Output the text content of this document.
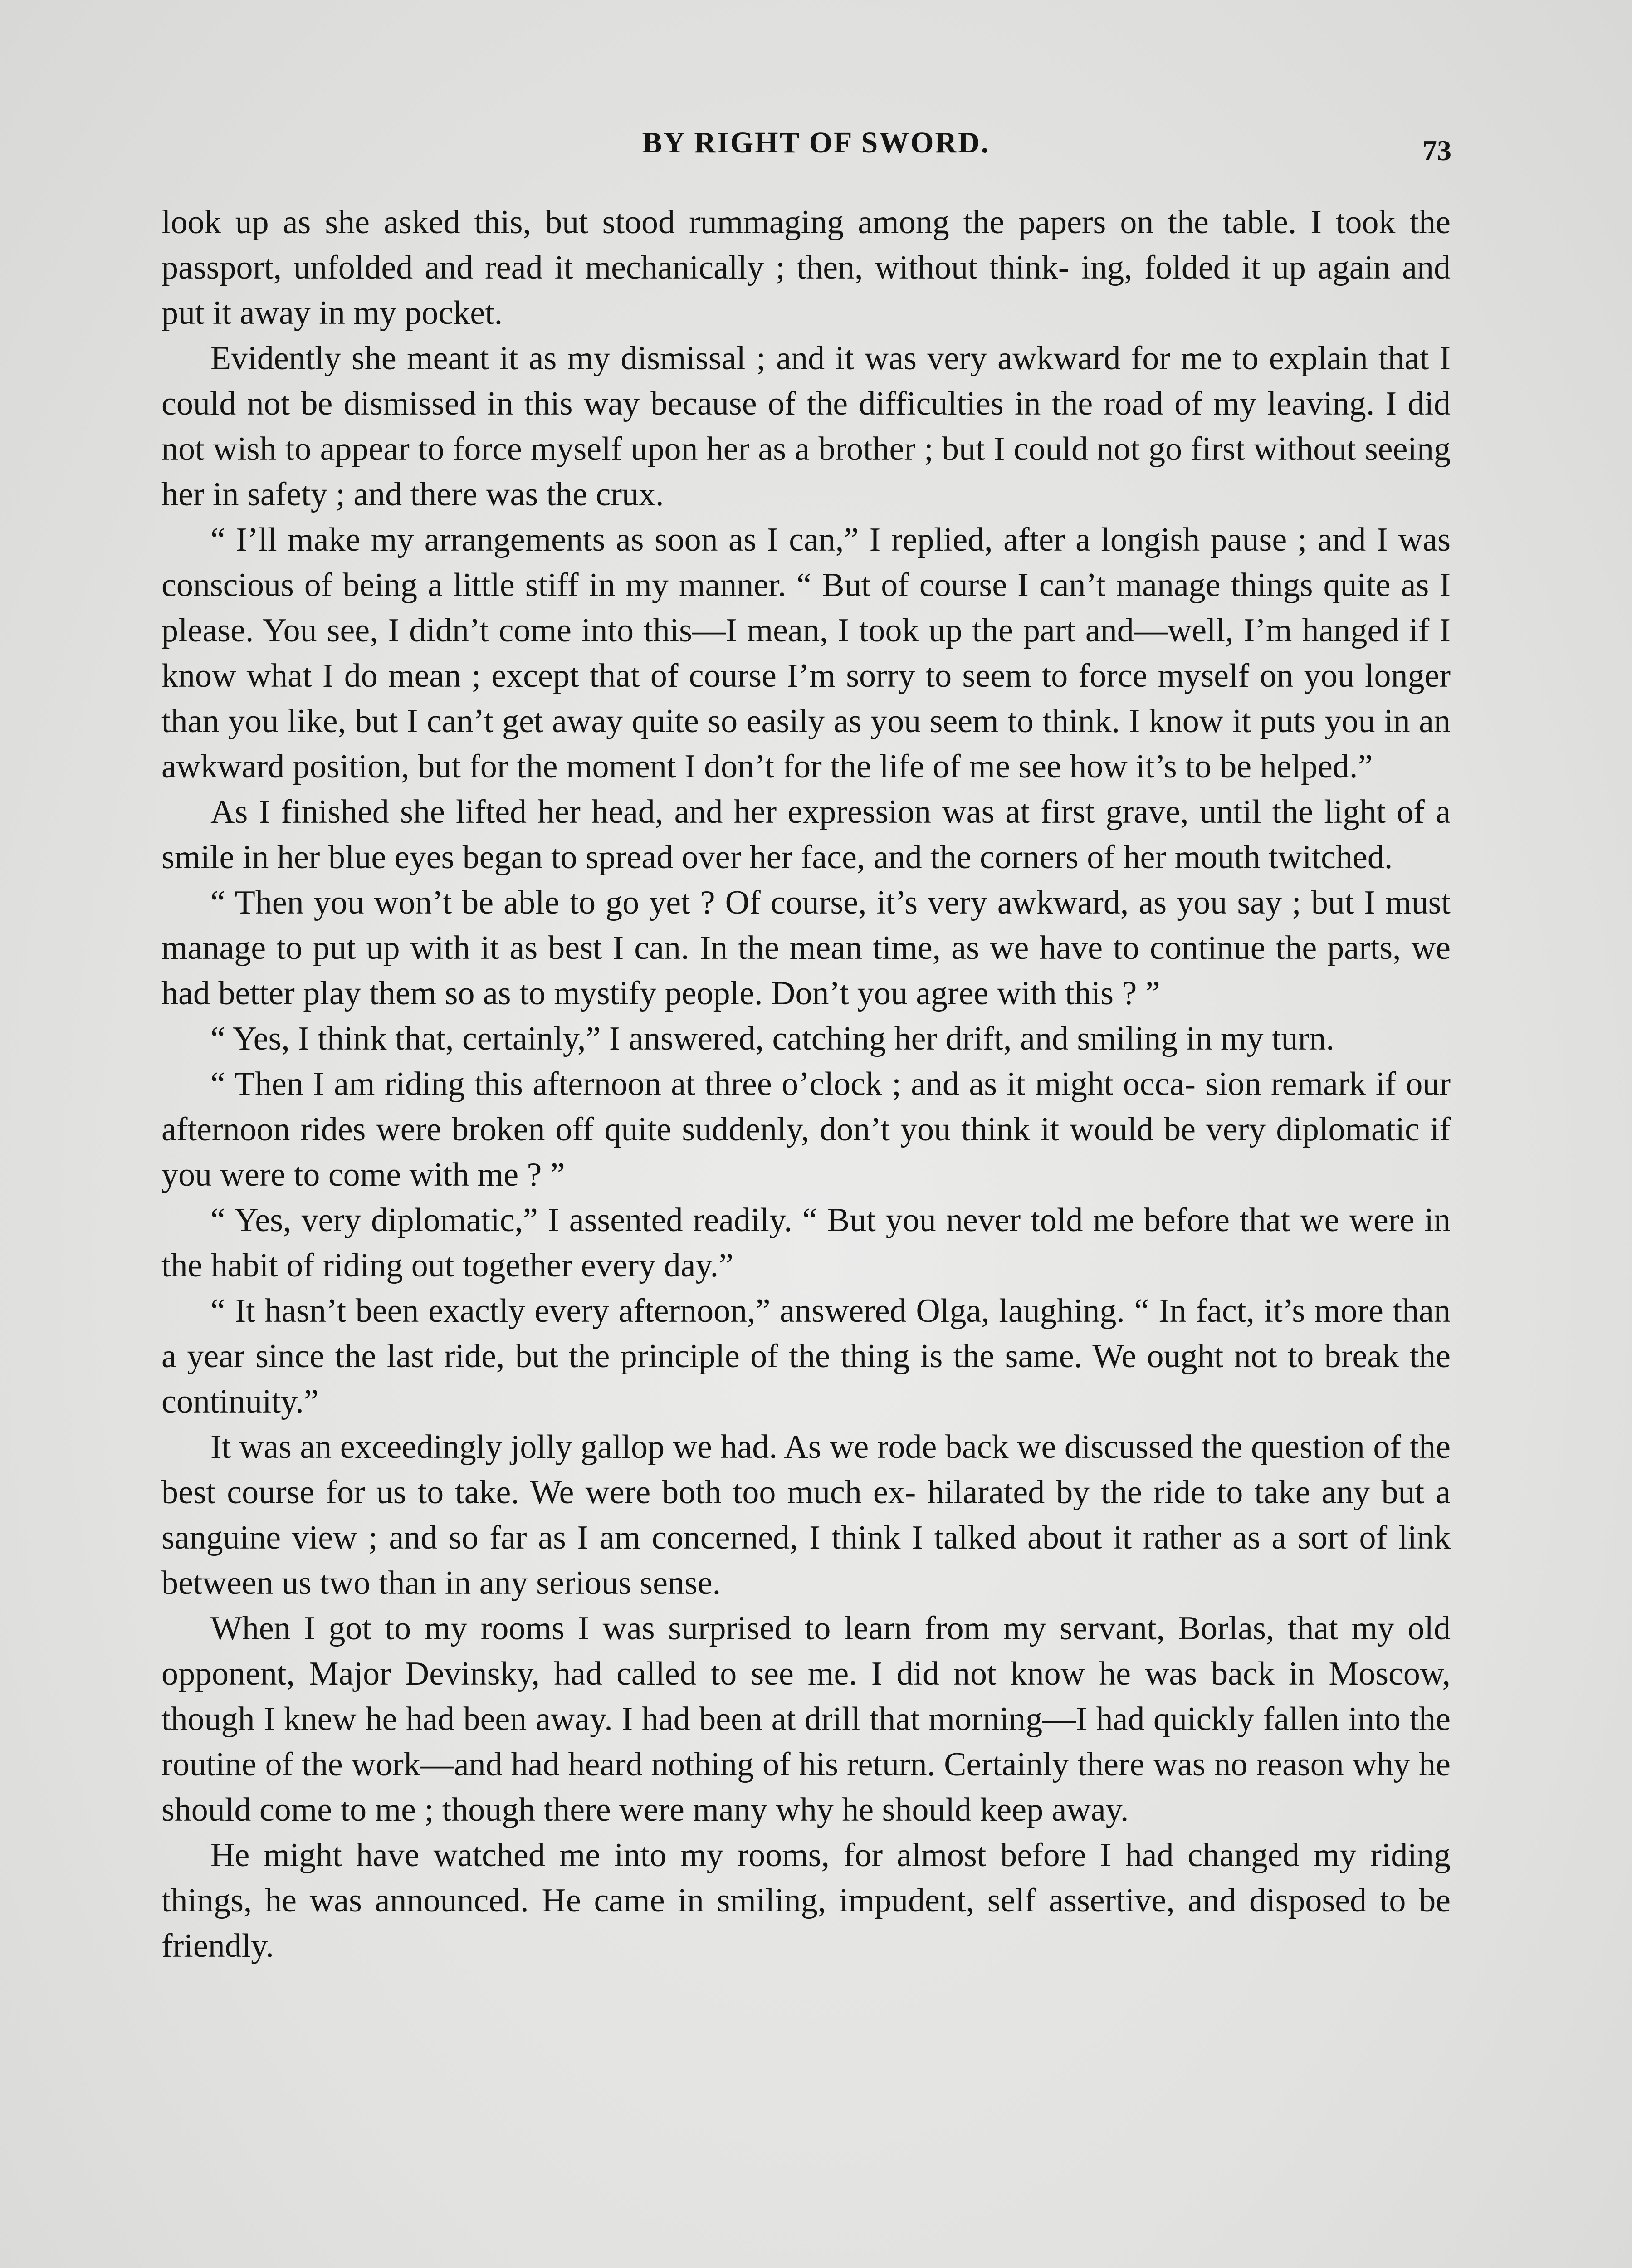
BY RIGHT OF SWORD.	73

look up as she asked this, but stood rummaging among the papers on the table. I took the passport, unfolded and read it mechanically ; then, without think- ing, folded it up again and put it away in my pocket.

Evidently she meant it as my dismissal ; and it was very awkward for me to explain that I could not be dismissed in this way because of the difficulties in the road of my leaving. I did not wish to appear to force myself upon her as a brother ; but I could not go first without seeing her in safety ; and there was the crux.

“ I’ll make my arrangements as soon as I can,” I replied, after a longish pause ; and I was conscious of being a little stiff in my manner. “ But of course I can’t manage things quite as I please. You see, I didn’t come into this—I mean, I took up the part and—well, I’m hanged if I know what I do mean ; except that of course I’m sorry to seem to force myself on you longer than you like, but I can’t get away quite so easily as you seem to think. I know it puts you in an awkward position, but for the moment I don’t for the life of me see how it’s to be helped.”

As I finished she lifted her head, and her expression was at first grave, until the light of a smile in her blue eyes began to spread over her face, and the corners of her mouth twitched.

“ Then you won’t be able to go yet ? Of course, it’s very awkward, as you say ; but I must manage to put up with it as best I can. In the mean time, as we have to continue the parts, we had better play them so as to mystify people. Don’t you agree with this ? ”

“ Yes, I think that, certainly,” I answered, catching her drift, and smiling in my turn.

“ Then I am riding this afternoon at three o’clock ; and as it might occa- sion remark if our afternoon rides were broken off quite suddenly, don’t you think it would be very diplomatic if you were to come with me ? ”

“ Yes, very diplomatic,” I assented readily. “ But you never told me before that we were in the habit of riding out together every day.”

“ It hasn’t been exactly every afternoon,” answered Olga, laughing. “ In fact, it’s more than a year since the last ride, but the principle of the thing is the same. We ought not to break the continuity.”

It was an exceedingly jolly gallop we had. As we rode back we discussed the question of the best course for us to take. We were both too much ex- hilarated by the ride to take any but a sanguine view ; and so far as I am concerned, I think I talked about it rather as a sort of link between us two than in any serious sense.

When I got to my rooms I was surprised to learn from my servant, Borlas, that my old opponent, Major Devinsky, had called to see me. I did not know he was back in Moscow, though I knew he had been away. I had been at drill that morning—I had quickly fallen into the routine of the work—and had heard nothing of his return. Certainly there was no reason why he should come to me ; though there were many why he should keep away.

He might have watched me into my rooms, for almost before I had changed my riding things, he was announced. He came in smiling, impudent, self assertive, and disposed to be friendly.
